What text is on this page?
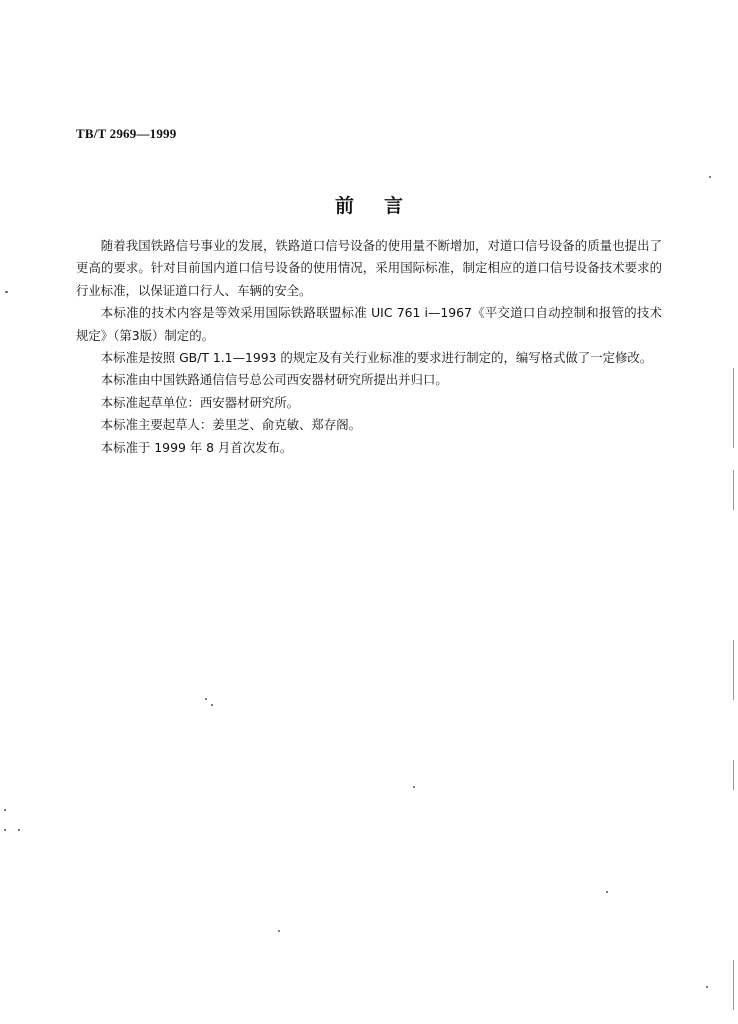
TB/T 2969—1999
前言

随着我国铁路信号事业的发展，铁路道口信号设备的使用量不断增加，对道口信号设备的质量也提出了更高的要求。针对目前国内道口信号设备的使用情况，采用国际标准，制定相应的道口信号设备技术要求的行业标准，以保证道口行人、车辆的安全。

本标准的技术内容是等效采用国际铁路联盟标准 UIC 761 i—1967《平交道口自动控制和报管的技术规定》（第3版）制定的。

本标准是按照 GB/T 1.1—1993 的规定及有关行业标准的要求进行制定的，编写格式做了一定修改。

本标准由中国铁路通信信号总公司西安器材研究所提出并归口。

本标准起草单位：西安器材研究所。

本标准主要起草人：姜里芝、俞克敏、郑存阁。

本标准于 1999 年 8 月首次发布。
